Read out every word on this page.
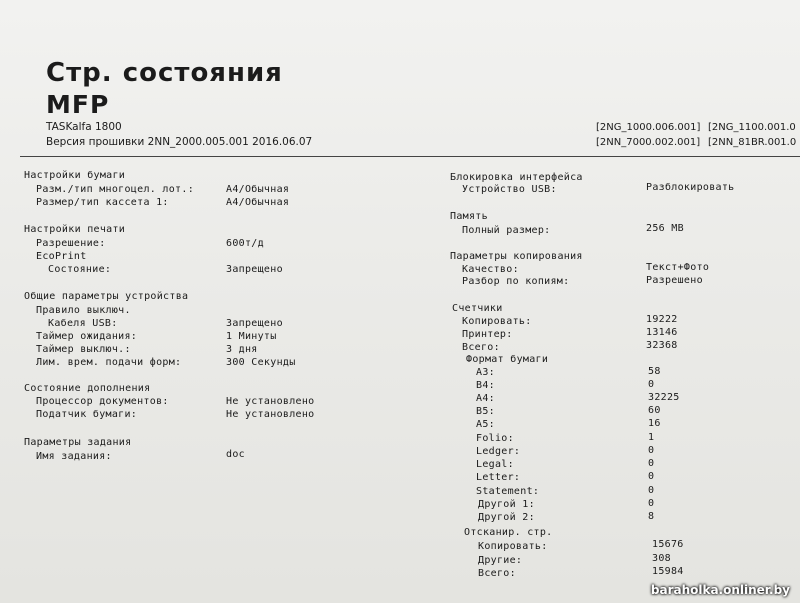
Стр. состояния
MFP
TASKalfa 1800
Версия прошивки 2NN_2000.005.001 2016.06.07
[2NG_1000.006.001]
[2NN_7000.002.001]
[2NG_1100.001.0
[2NN_81BR.001.0
Настройки бумаги
Разм./тип многоцел. лот.:	A4/Обычная
Размер/тип кассета 1:	A4/Обычная
Настройки печати
Разрешение:	600т/д
EcoPrint
Состояние:	Запрещено
Общие параметры устройства
Правило выключ.
Кабеля USB:	Запрещено
Таймер ожидания:	1 Минуты
Таймер выключ.:	3 дня
Лим. врем. подачи форм:	300 Секунды
Состояние дополнения
Процессор документов:	Не установлено
Податчик бумаги:	Не установлено
Параметры задания
Имя задания:	doc
Блокировка интерфейса
Устройство USB:	Разблокировать
Память
Полный размер:	256 MB
Параметры копирования
Качество:	Текст+Фото
Разбор по копиям:	Разрешено
Счетчики
Копировать:	19222
Принтер:	13146
Всего:	32368
Формат бумаги
A3:	58
B4:	0
A4:	32225
B5:	60
A5:	16
Folio:	1
Ledger:	0
Legal:	0
Letter:	0
Statement:	0
Другой 1:	0
Другой 2:	8
Отсканир. стр.
Копировать:	15676
Другие:	308
Всего:	15984
baraholka.onliner.by
